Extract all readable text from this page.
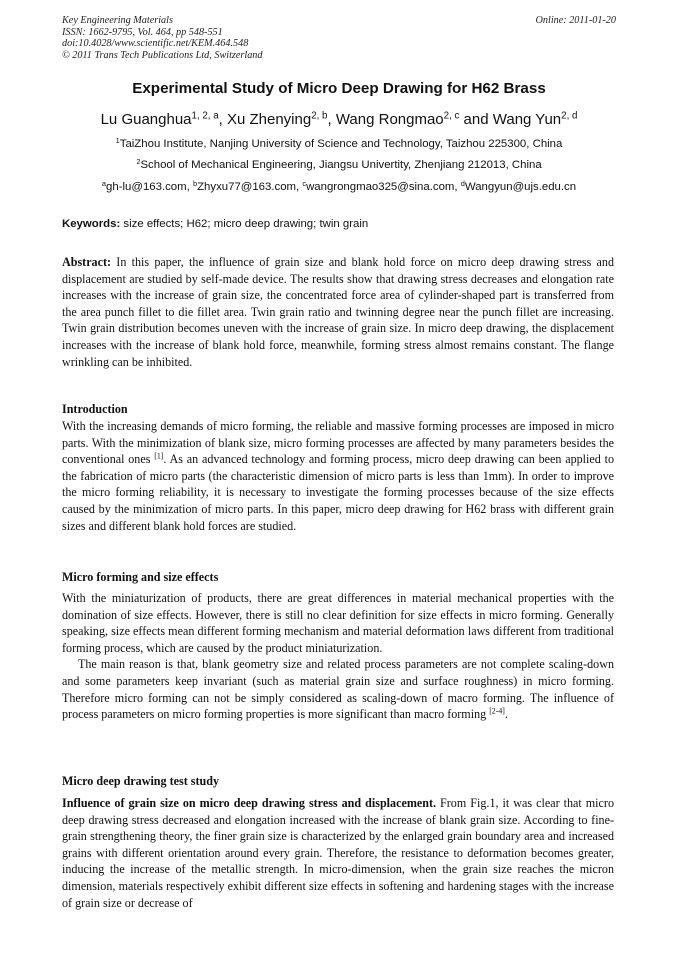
Key Engineering Materials
ISSN: 1662-9795, Vol. 464, pp 548-551
doi:10.4028/www.scientific.net/KEM.464.548
© 2011 Trans Tech Publications Ltd, Switzerland
Online: 2011-01-20
Experimental Study of Micro Deep Drawing for H62 Brass
Lu Guanghua$^{1, 2, a}$, Xu Zhenying$^{2, b}$, Wang Rongmao$^{2, c}$ and Wang Yun$^{2, d}$
$^1$TaiZhou Institute, Nanjing University of Science and Technology, Taizhou 225300, China
$^2$School of Mechanical Engineering, Jiangsu Univertity, Zhenjiang 212013, China
$^a$gh-lu@163.com, $^b$Zhyxu77@163.com, $^c$wangrongmao325@sina.com, $^d$Wangyun@ujs.edu.cn
Keywords: size effects; H62; micro deep drawing; twin grain

Abstract: In this paper, the influence of grain size and blank hold force on micro deep drawing stress and displacement are studied by self-made device. The results show that drawing stress decreases and elongation rate increases with the increase of grain size, the concentrated force area of cylinder-shaped part is transferred from the area punch fillet to die fillet area. Twin grain ratio and twinning degree near the punch fillet are increasing. Twin grain distribution becomes uneven with the increase of grain size. In micro deep drawing, the displacement increases with the increase of blank hold force, meanwhile, forming stress almost remains constant. The flange wrinkling can be inhibited.

Introduction

With the increasing demands of micro forming, the reliable and massive forming processes are imposed in micro parts. With the minimization of blank size, micro forming processes are affected by many parameters besides the conventional ones [1]. As an advanced technology and forming process, micro deep drawing can been applied to the fabrication of micro parts (the characteristic dimension of micro parts is less than 1mm). In order to improve the micro forming reliability, it is necessary to investigate the forming processes because of the size effects caused by the minimization of micro parts. In this paper, micro deep drawing for H62 brass with different grain sizes and different blank hold forces are studied.

Micro forming and size effects

With the miniaturization of products, there are great differences in material mechanical properties with the domination of size effects. However, there is still no clear definition for size effects in micro forming. Generally speaking, size effects mean different forming mechanism and material deformation laws different from traditional forming process, which are caused by the product miniaturization.

The main reason is that, blank geometry size and related process parameters are not complete scaling-down and some parameters keep invariant (such as material grain size and surface roughness) in micro forming. Therefore micro forming can not be simply considered as scaling-down of macro forming. The influence of process parameters on micro forming properties is more significant than macro forming [2-4].

Micro deep drawing test study

Influence of grain size on micro deep drawing stress and displacement. From Fig.1, it was clear that micro deep drawing stress decreased and elongation increased with the increase of blank grain size. According to fine-grain strengthening theory, the finer grain size is characterized by the enlarged grain boundary area and increased grains with different orientation around every grain. Therefore, the resistance to deformation becomes greater, inducing the increase of the metallic strength. In micro-dimension, when the grain size reaches the micron dimension, materials respectively exhibit different size effects in softening and hardening stages with the increase of grain size or decrease of
